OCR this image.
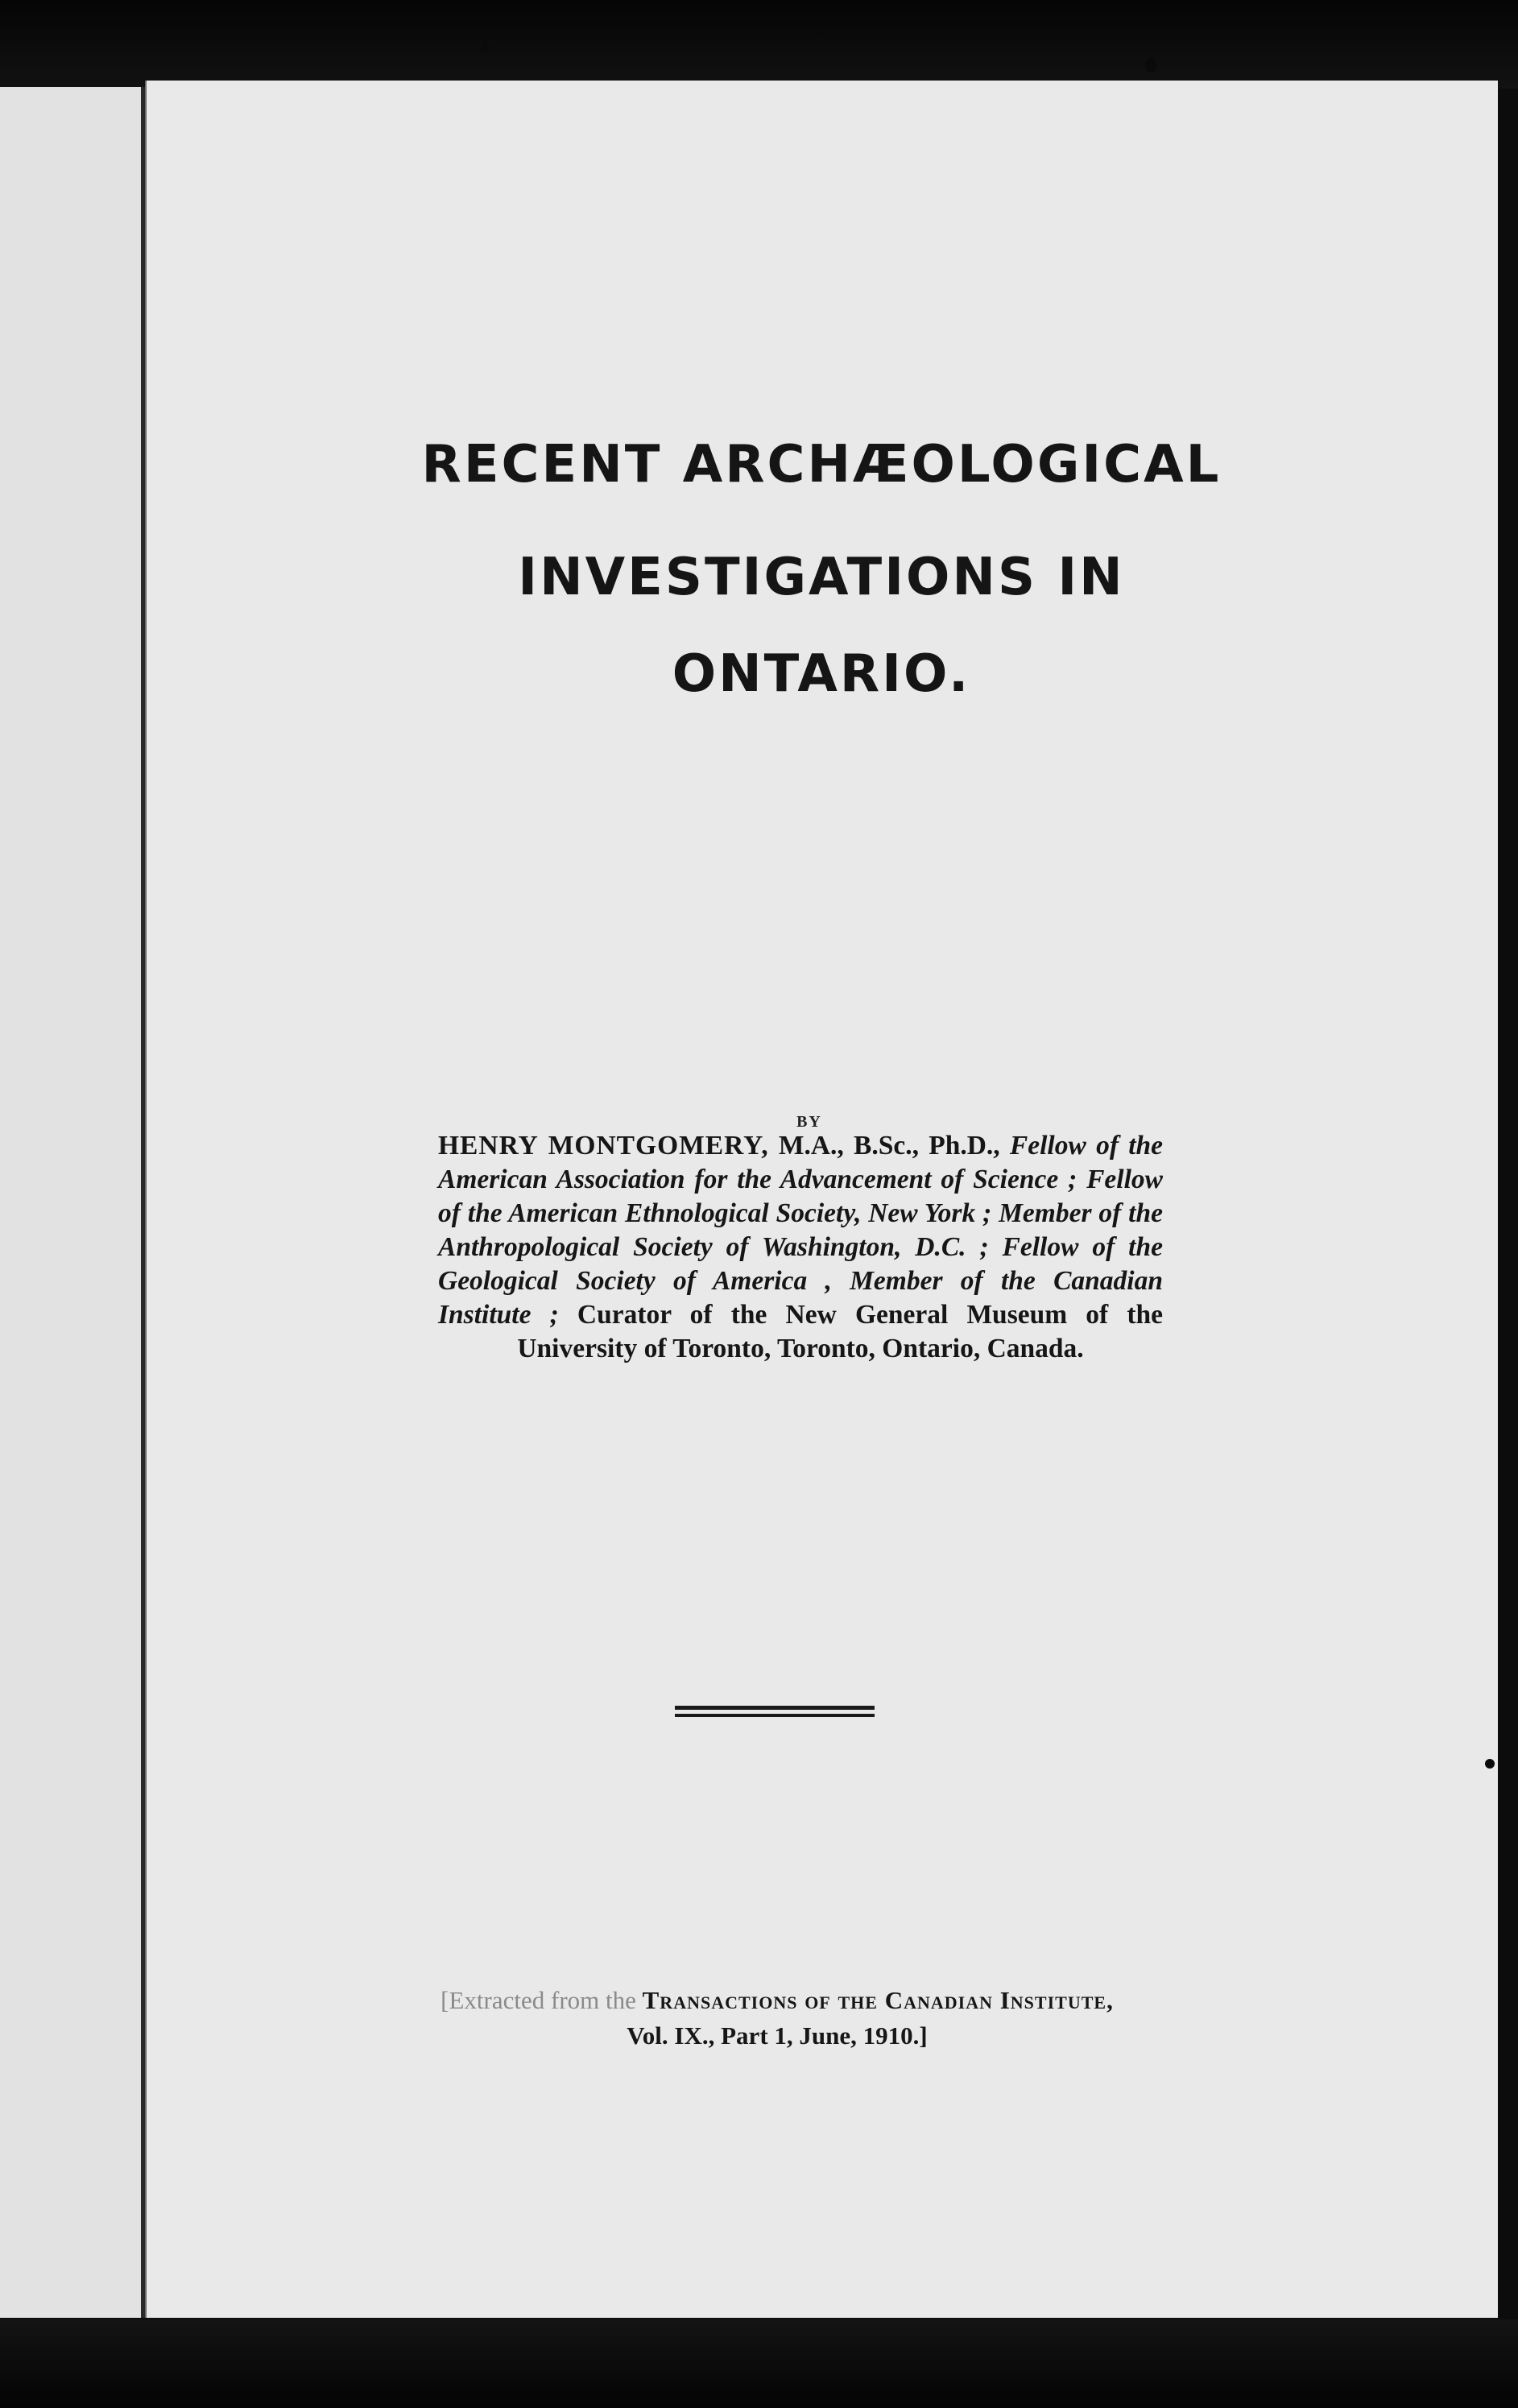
RECENT ARCHÆOLOGICAL
INVESTIGATIONS IN
ONTARIO.
BY
HENRY MONTGOMERY, M.A., B.Sc., Ph.D., Fellow of the American Association for the Advancement of Science ; Fellow of the American Ethnological Society, New York ; Member of the Anthropological Society of Washington, D.C. ; Fellow of the Geological Society of America , Member of the Canadian Institute ; Curator of the New General Museum of the University of Toronto, Toronto, Ontario, Canada.
[Extracted from the Transactions of the Canadian Institute,
Vol. IX., Part 1, June, 1910.]
